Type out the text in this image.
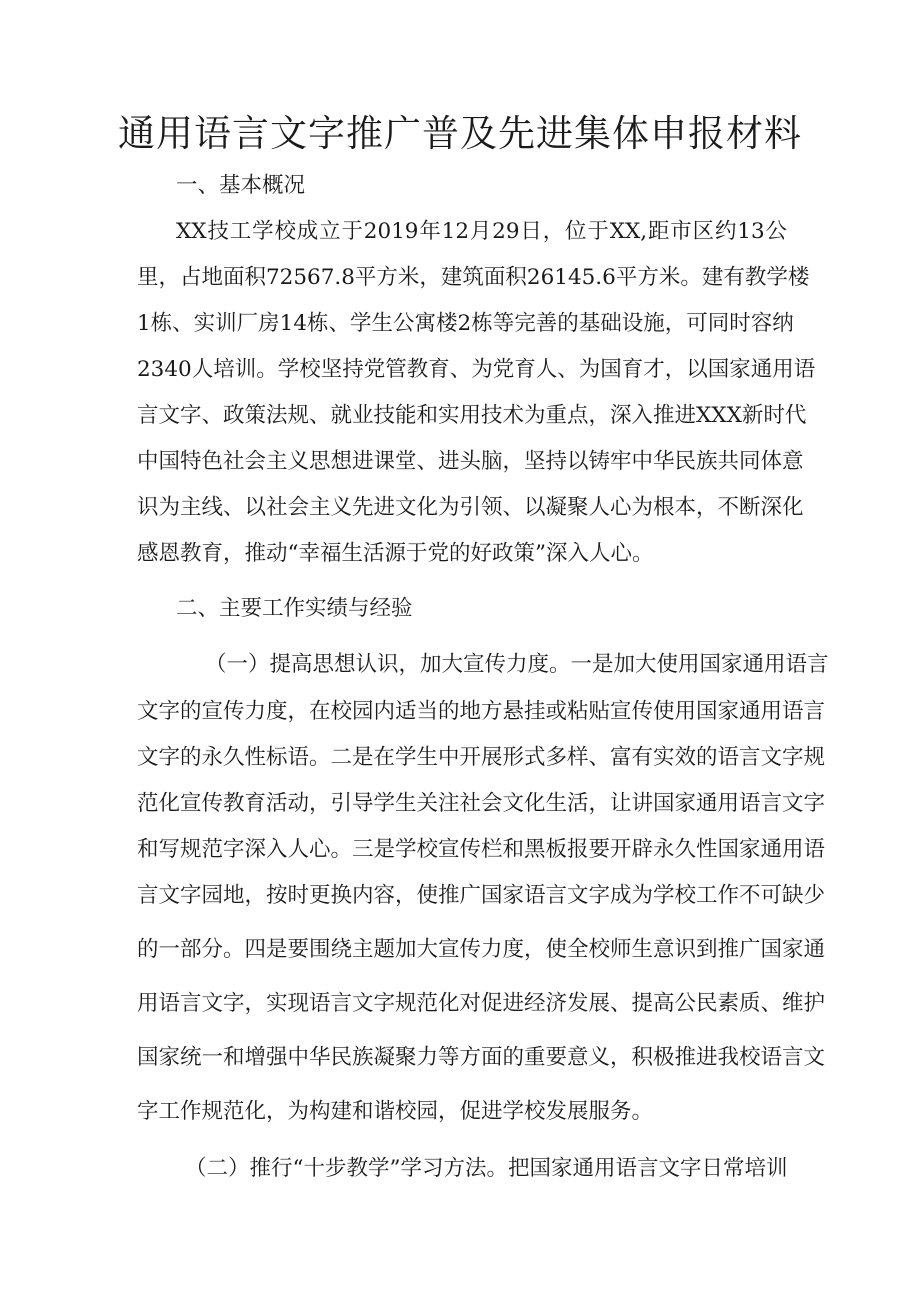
通用语言文字推广普及先进集体申报材料

一、基本概况

XX技工学校成立于2019年12月29日，位于XX,距市区约13公

里，占地面积72567.8平方米，建筑面积26145.6平方米。建有教学楼

1栋、实训厂房14栋、学生公寓楼2栋等完善的基础设施，可同时容纳

2340人培训。学校坚持党管教育、为党育人、为国育才，以国家通用语

言文字、政策法规、就业技能和实用技术为重点，深入推进XXX新时代

中国特色社会主义思想进课堂、进头脑，坚持以铸牢中华民族共同体意

识为主线、以社会主义先进文化为引领、以凝聚人心为根本，不断深化

感恩教育，推动“幸福生活源于党的好政策”深入人心。

二、主要工作实绩与经验

（一）提高思想认识，加大宣传力度。一是加大使用国家通用语言

文字的宣传力度，在校园内适当的地方悬挂或粘贴宣传使用国家通用语言

文字的永久性标语。二是在学生中开展形式多样、富有实效的语言文字规

范化宣传教育活动，引导学生关注社会文化生活，让讲国家通用语言文字

和写规范字深入人心。三是学校宣传栏和黑板报要开辟永久性国家通用语

言文字园地，按时更换内容，使推广国家语言文字成为学校工作不可缺少

的一部分。四是要围绕主题加大宣传力度，使全校师生意识到推广国家通

用语言文字，实现语言文字规范化对促进经济发展、提高公民素质、维护

国家统一和增强中华民族凝聚力等方面的重要意义，积极推进我校语言文

字工作规范化，为构建和谐校园，促进学校发展服务。

（二）推行“十步教学”学习方法。把国家通用语言文字日常培训
